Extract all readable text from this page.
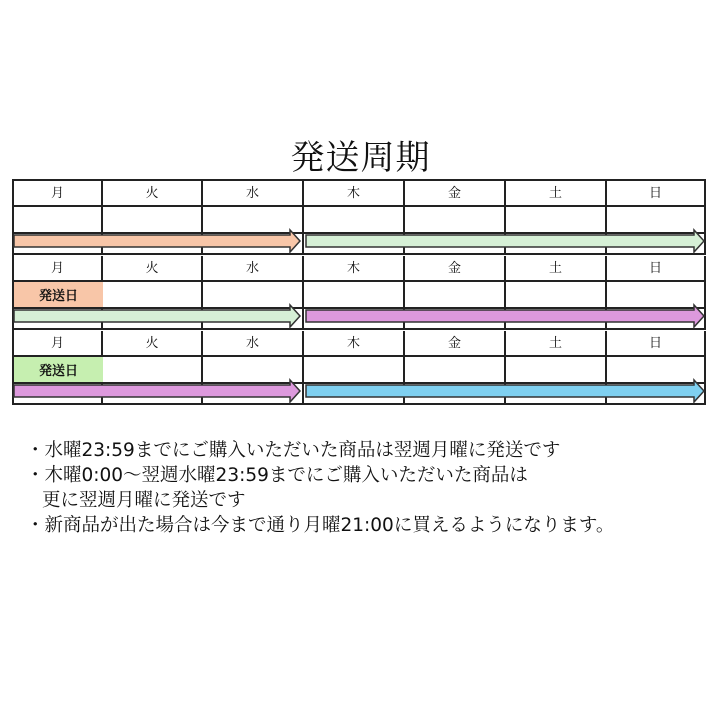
発送周期
月	火	水	木	金	土	日
月	火	水	木	金	土	日
発送日
月	火	水	木	金	土	日
発送日
・水曜23:59までにご購入いただいた商品は翌週月曜に発送です
・木曜0:00～翌週水曜23:59までにご購入いただいた商品は
更に翌週月曜に発送です
・新商品が出た場合は今まで通り月曜21:00に買えるようになります。
